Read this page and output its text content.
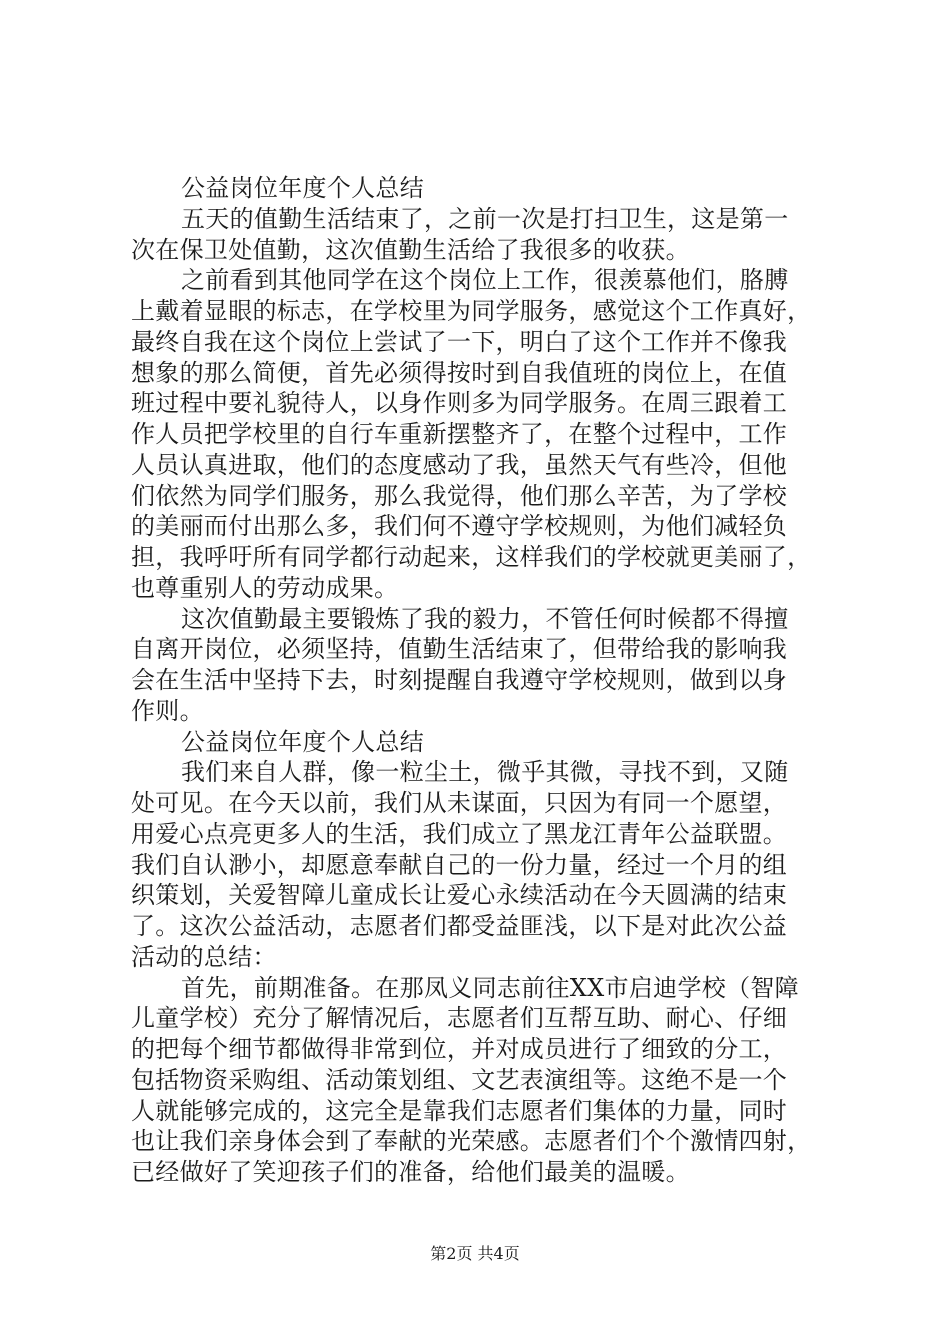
公益岗位年度个人总结
五天的值勤生活结束了，之前一次是打扫卫生，这是第一
次在保卫处值勤，这次值勤生活给了我很多的收获。
之前看到其他同学在这个岗位上工作，很羡慕他们，胳膊
上戴着显眼的标志，在学校里为同学服务，感觉这个工作真好，
最终自我在这个岗位上尝试了一下，明白了这个工作并不像我
想象的那么简便，首先必须得按时到自我值班的岗位上，在值
班过程中要礼貌待人，以身作则多为同学服务。在周三跟着工
作人员把学校里的自行车重新摆整齐了，在整个过程中，工作
人员认真进取，他们的态度感动了我，虽然天气有些冷，但他
们依然为同学们服务，那么我觉得，他们那么辛苦，为了学校
的美丽而付出那么多，我们何不遵守学校规则，为他们减轻负
担，我呼吁所有同学都行动起来，这样我们的学校就更美丽了，
也尊重别人的劳动成果。
这次值勤最主要锻炼了我的毅力，不管任何时候都不得擅
自离开岗位，必须坚持，值勤生活结束了，但带给我的影响我
会在生活中坚持下去，时刻提醒自我遵守学校规则，做到以身
作则。
公益岗位年度个人总结
我们来自人群，像一粒尘土，微乎其微，寻找不到，又随
处可见。在今天以前，我们从未谋面，只因为有同一个愿望，
用爱心点亮更多人的生活，我们成立了黑龙江青年公益联盟。
我们自认渺小，却愿意奉献自己的一份力量，经过一个月的组
织策划，关爱智障儿童成长让爱心永续活动在今天圆满的结束
了。这次公益活动，志愿者们都受益匪浅，以下是对此次公益
活动的总结：
首先，前期准备。在那凤义同志前往XX市启迪学校（智障
儿童学校）充分了解情况后，志愿者们互帮互助、耐心、仔细
的把每个细节都做得非常到位，并对成员进行了细致的分工，
包括物资采购组、活动策划组、文艺表演组等。这绝不是一个
人就能够完成的，这完全是靠我们志愿者们集体的力量，同时
也让我们亲身体会到了奉献的光荣感。志愿者们个个激情四射，
已经做好了笑迎孩子们的准备，给他们最美的温暖。
第2页 共4页
